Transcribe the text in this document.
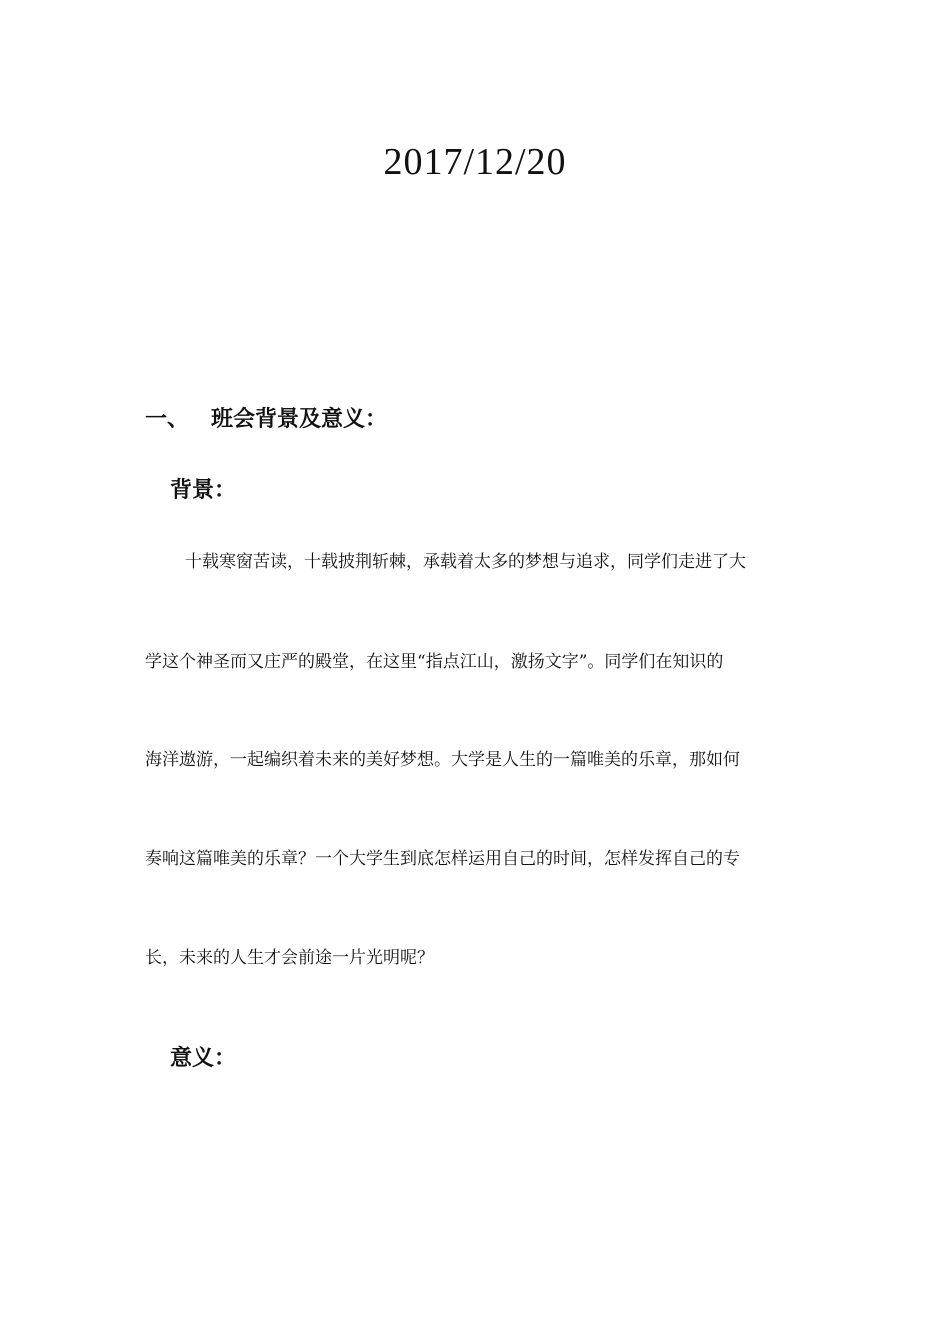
2017/12/20
一、 班会背景及意义：
背景：
十载寒窗苦读，十载披荆斩棘，承载着太多的梦想与追求，同学们走进了大
学这个神圣而又庄严的殿堂，在这里“指点江山，激扬文字”。同学们在知识的
海洋遨游，一起编织着未来的美好梦想。大学是人生的一篇唯美的乐章，那如何
奏响这篇唯美的乐章？一个大学生到底怎样运用自己的时间，怎样发挥自己的专
长，未来的人生才会前途一片光明呢？
意义：
